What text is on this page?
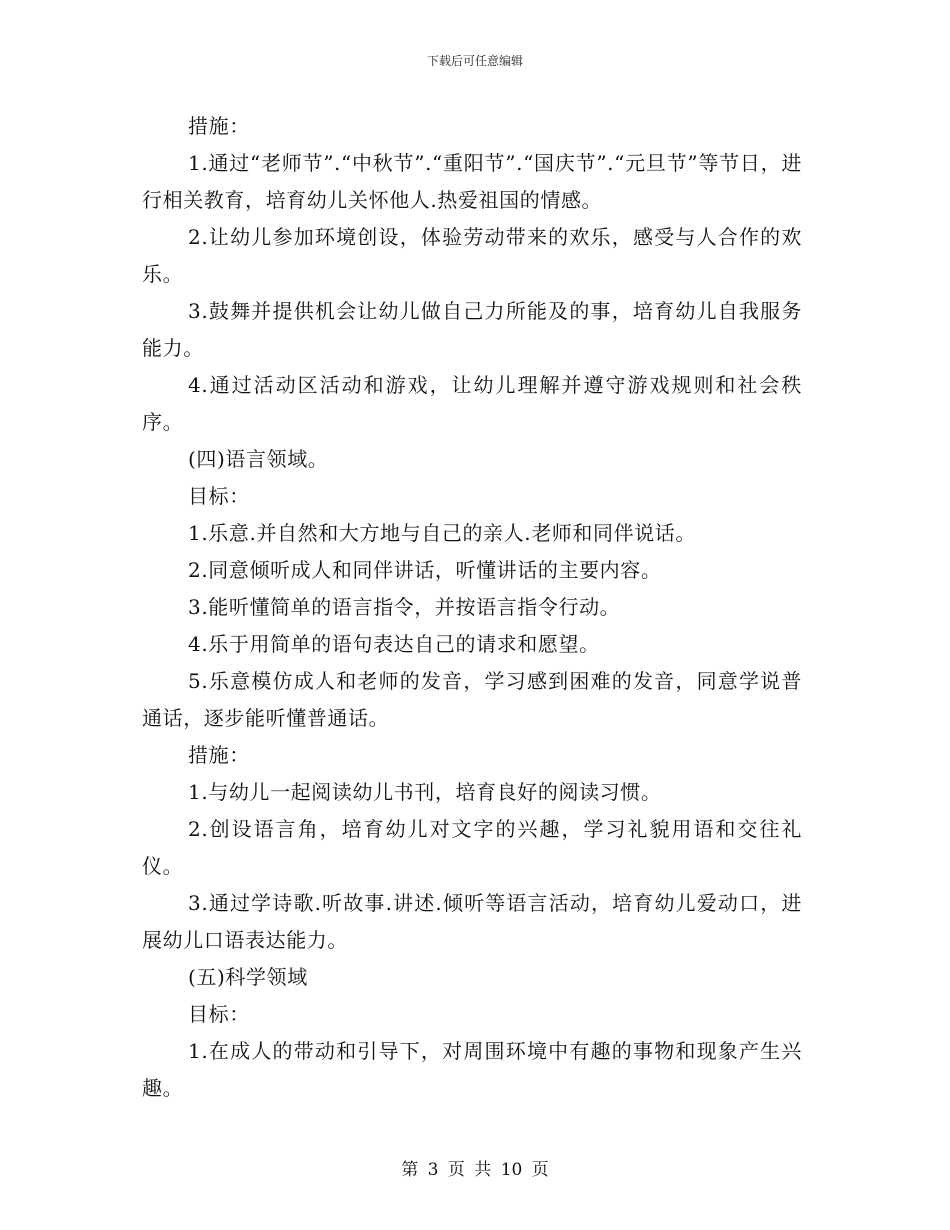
下载后可任意编辑

措施：

1.通过“老师节”.“中秋节”.“重阳节”.“国庆节”.“元旦节”等节日，进行相关教育，培育幼儿关怀他人.热爱祖国的情感。

2.让幼儿参加环境创设，体验劳动带来的欢乐，感受与人合作的欢乐。

3.鼓舞并提供机会让幼儿做自己力所能及的事，培育幼儿自我服务能力。

4.通过活动区活动和游戏，让幼儿理解并遵守游戏规则和社会秩序。

(四)语言领域。

目标：

1.乐意.并自然和大方地与自己的亲人.老师和同伴说话。

2.同意倾听成人和同伴讲话，听懂讲话的主要内容。

3.能听懂简单的语言指令，并按语言指令行动。

4.乐于用简单的语句表达自己的请求和愿望。

5.乐意模仿成人和老师的发音，学习感到困难的发音，同意学说普通话，逐步能听懂普通话。

措施：

1.与幼儿一起阅读幼儿书刊，培育良好的阅读习惯。

2.创设语言角，培育幼儿对文字的兴趣，学习礼貌用语和交往礼仪。

3.通过学诗歌.听故事.讲述.倾听等语言活动，培育幼儿爱动口，进展幼儿口语表达能力。

(五)科学领域

目标：

1.在成人的带动和引导下，对周围环境中有趣的事物和现象产生兴趣。

第 3 页 共 10 页
